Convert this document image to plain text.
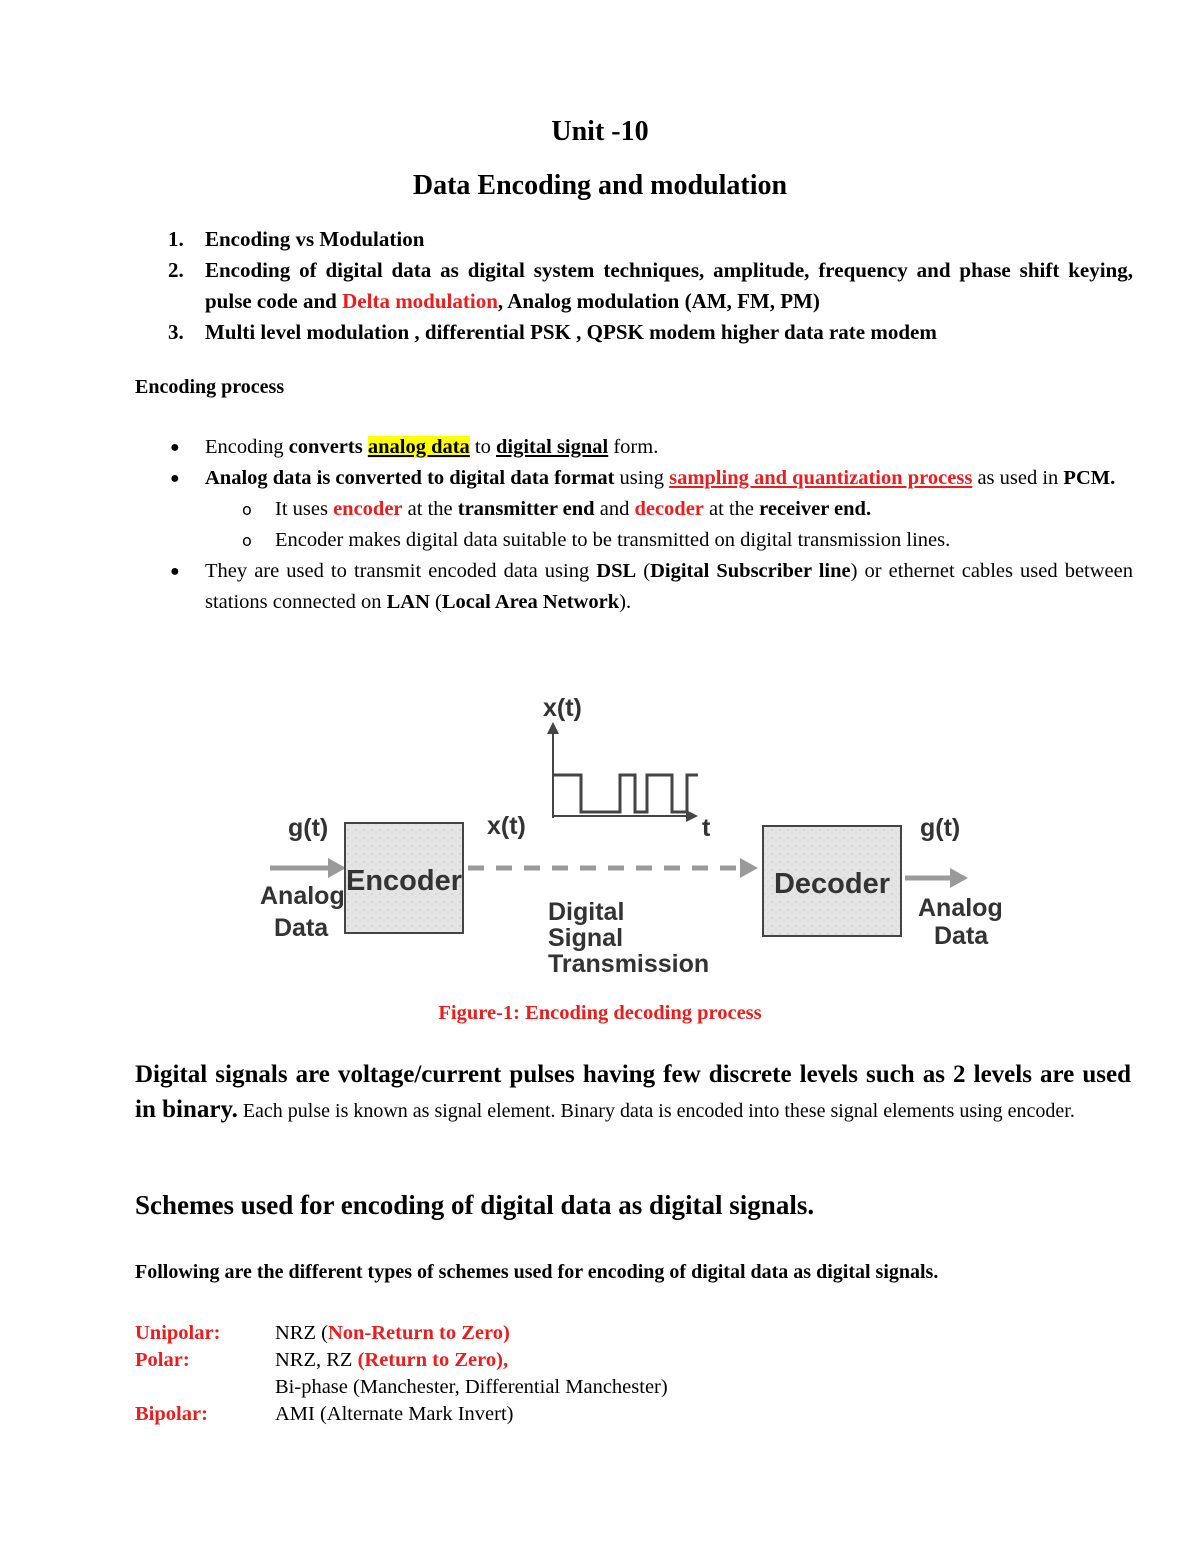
Unit -10
Data Encoding and modulation
1. Encoding vs Modulation
2. Encoding of digital data as digital system techniques, amplitude, frequency and phase shift keying, pulse code and Delta modulation, Analog modulation (AM, FM, PM)
3. Multi level modulation , differential PSK , QPSK modem higher data rate modem
Encoding process
● Encoding converts analog data to digital signal form.
● Analog data is converted to digital data format using sampling and quantization process as used in PCM.
o It uses encoder at the transmitter end and decoder at the receiver end.
o Encoder makes digital data suitable to be transmitted on digital transmission lines.
● They are used to transmit encoded data using DSL (Digital Subscriber line) or ethernet cables used between stations connected on LAN (Local Area Network).
x(t)
t
g(t)
Analog
Data
Encoder
x(t)
Decoder
g(t)
Analog
Data
Digital
Signal
Transmission
Figure-1: Encoding decoding process
Digital signals are voltage/current pulses having few discrete levels such as 2 levels are used in binary. Each pulse is known as signal element. Binary data is encoded into these signal elements using encoder.
Schemes used for encoding of digital data as digital signals.
Following are the different types of schemes used for encoding of digital data as digital signals.
Unipolar:	NRZ (Non-Return to Zero)
Polar:	NRZ, RZ (Return to Zero),
Bi-phase (Manchester, Differential Manchester)
Bipolar:	AMI (Alternate Mark Invert)
